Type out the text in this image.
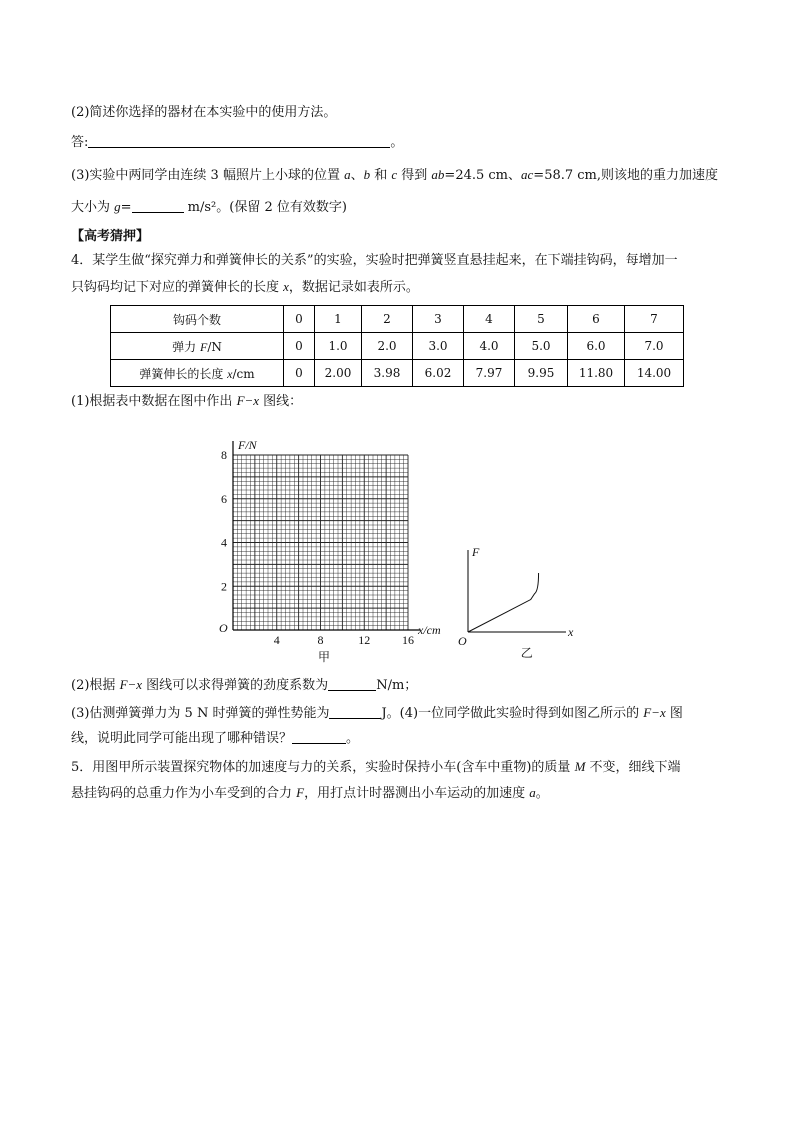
(2)简述你选择的器材在本实验中的使用方法。
答:	。
(3)实验中两同学由连续 3 幅照片上小球的位置 a、b 和 c 得到 ab=24.5 cm、ac=58.7 cm,则该地的重力加速度
大小为 g=	m/s²。(保留 2 位有效数字)
【高考猜押】
4．某学生做“探究弹力和弹簧伸长的关系”的实验，实验时把弹簧竖直悬挂起来，在下端挂钩码，每增加一
只钩码均记下对应的弹簧伸长的长度 x，数据记录如表所示。
钩码个数	0	1	2	3	4	5	6	7
弹力 F/N	0	1.0	2.0	3.0	4.0	5.0	6.0	7.0
弹簧伸长的长度 x/cm	0	2.00	3.98	6.02	7.97	9.95	11.80	14.00
(1)根据表中数据在图中作出 F−x 图线：
F/N
x/cm
O
甲
4	8	12	16
2
4
6
8
F
x
O
乙
(2)根据 F−x 图线可以求得弹簧的劲度系数为	N/m；
(3)估测弹簧弹力为 5 N 时弹簧的弹性势能为	J。(4)一位同学做此实验时得到如图乙所示的 F−x 图
线，说明此同学可能出现了哪种错误？	。
5．用图甲所示装置探究物体的加速度与力的关系，实验时保持小车(含车中重物)的质量 M 不变，细线下端
悬挂钩码的总重力作为小车受到的合力 F，用打点计时器测出小车运动的加速度 a。
